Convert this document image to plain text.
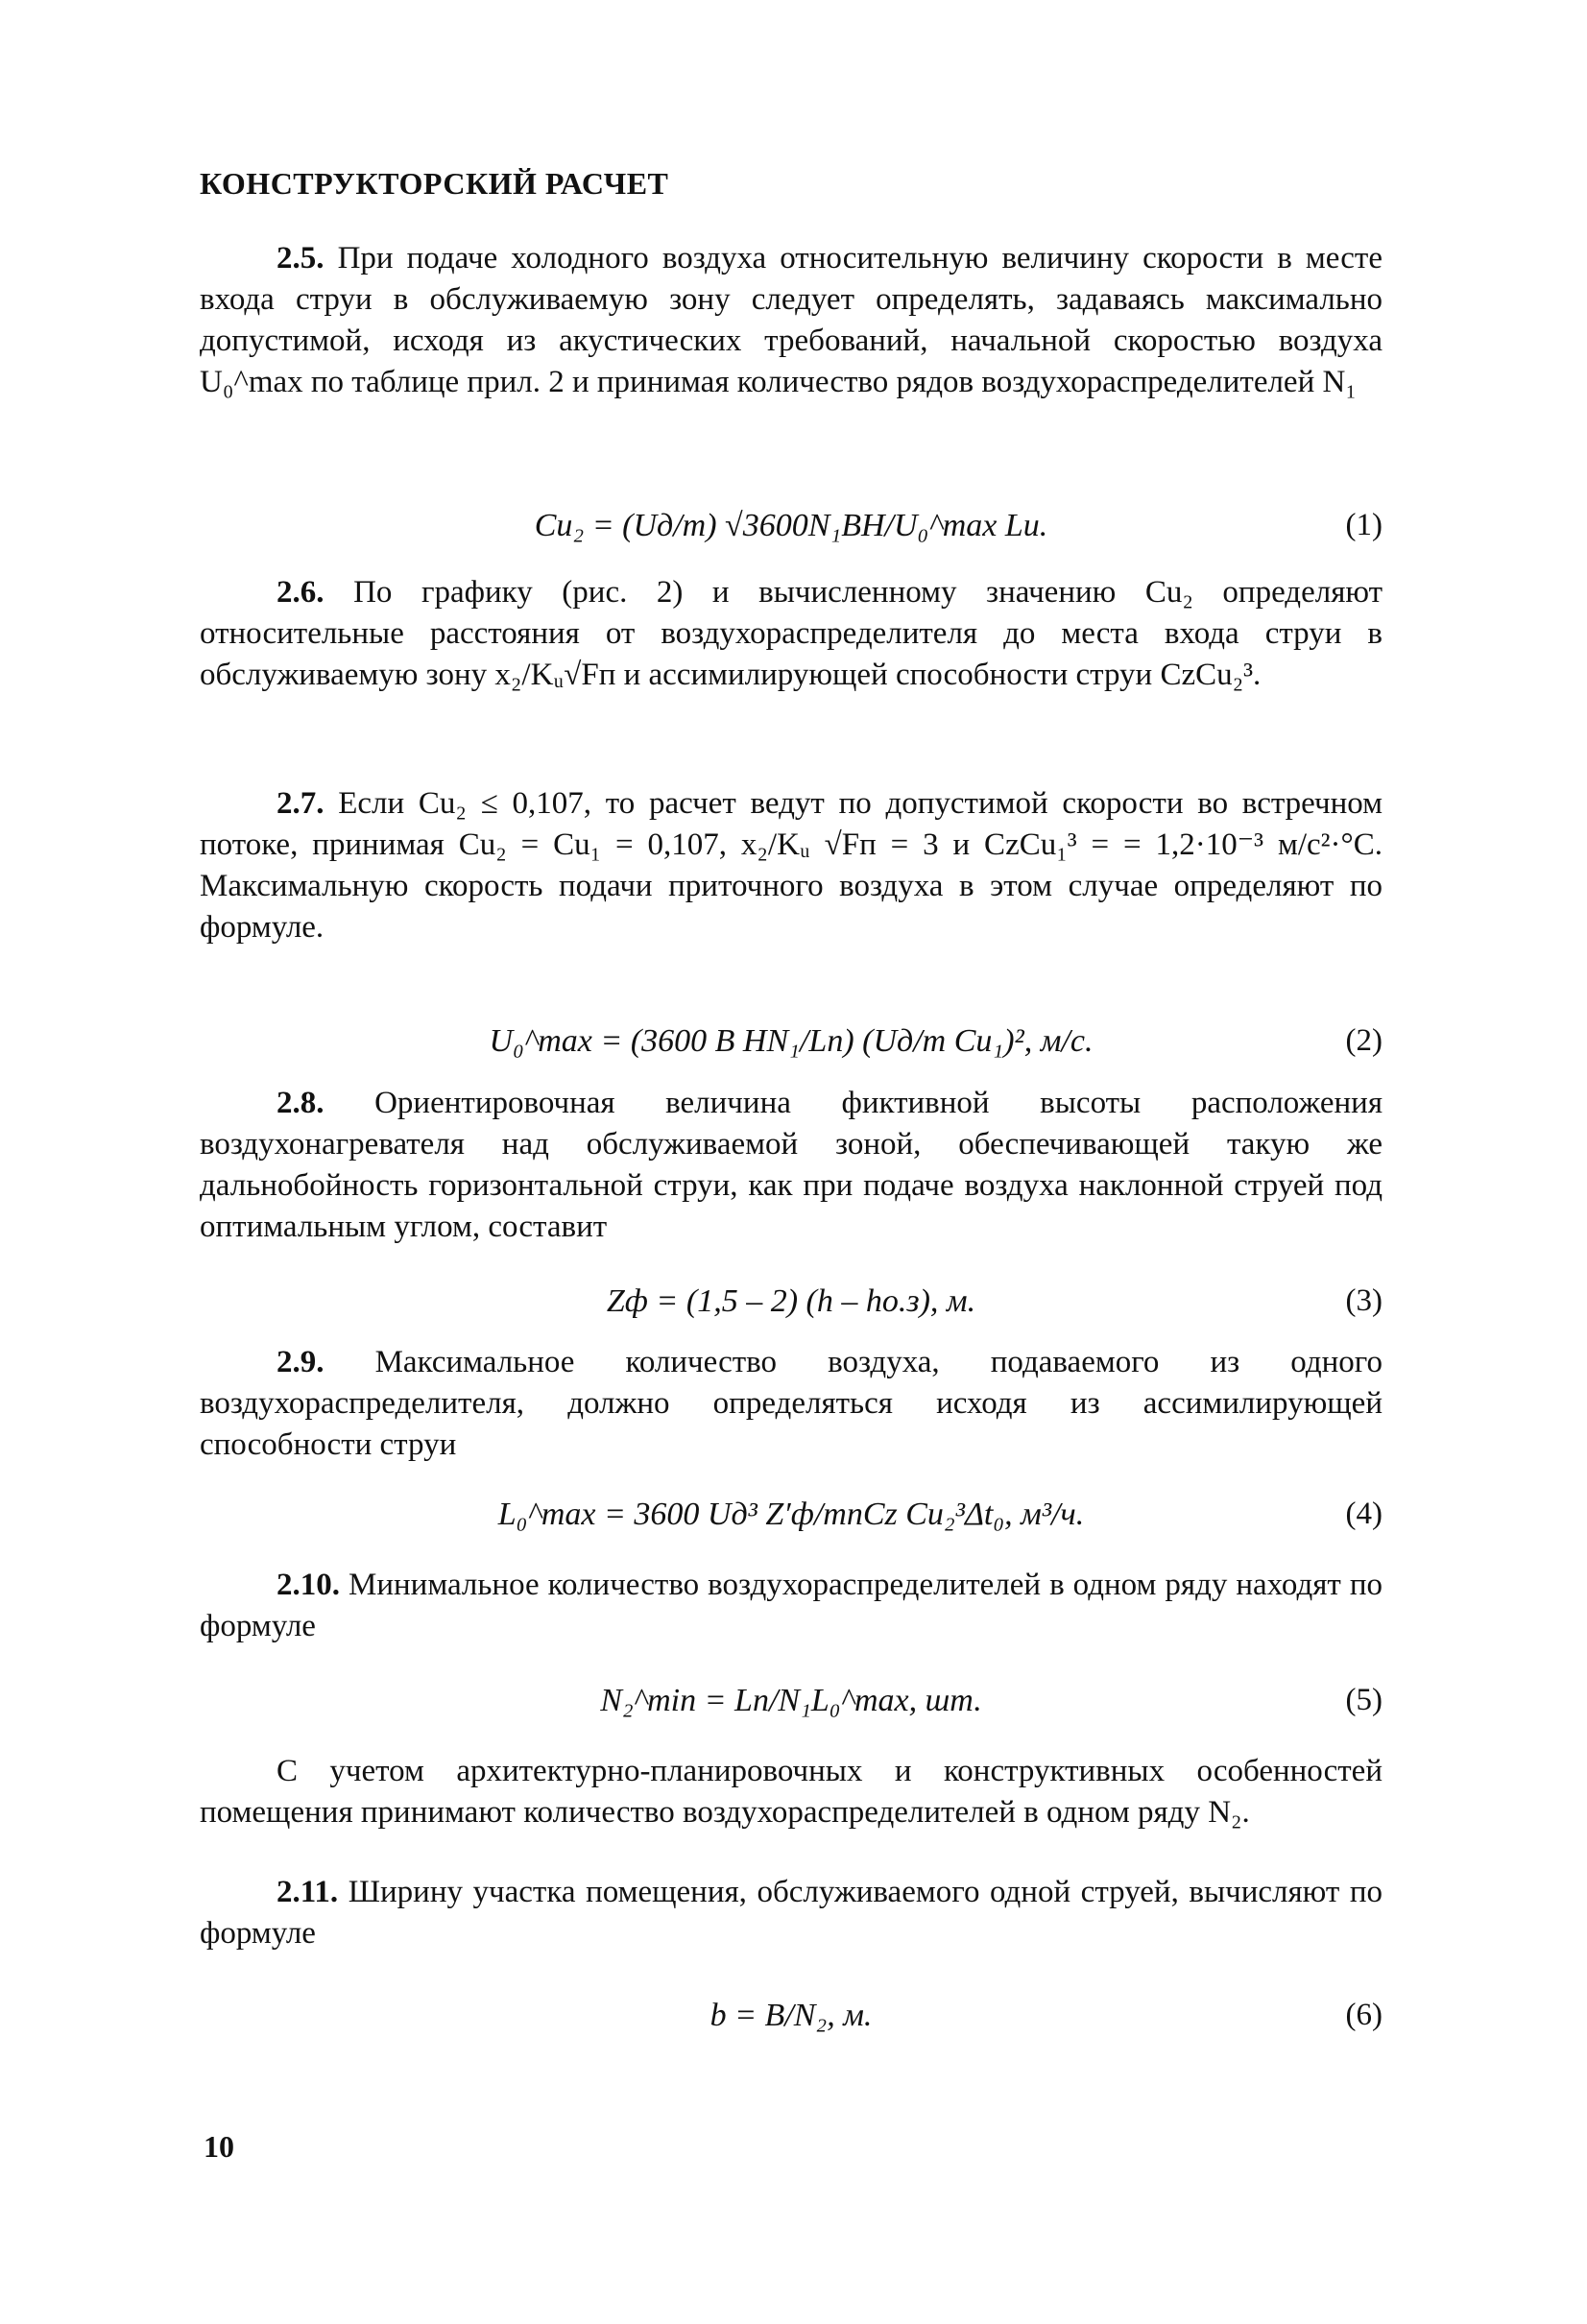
КОНСТРУКТОРСКИЙ РАСЧЕТ
2.5. При подаче холодного воздуха относительную величину скорости в месте входа струи в обслуживаемую зону следует определять, задаваясь максимально допустимой, исходя из акустических требований, начальной скоростью воздуха U₀^max по таблице прил. 2 и принимая количество рядов воздухораспределителей N₁
Cu₂ = (Uд/m) √3600N₁BH/U₀^max Lu.	(1)
2.6. По графику (рис. 2) и вычисленному значению Cu₂ определяют относительные расстояния от воздухораспределителя до места входа струи в обслуживаемую зону x₂/Kᵤ√Fп и ассимилирующей способности струи CzCu₂³.
2.7. Если Cu₂ ≤ 0,107, то расчет ведут по допустимой скорости во встречном потоке, принимая Cu₂ = Cu₁ = 0,107, x₂/Kᵤ √Fп = 3 и CzCu₁³ = = 1,2·10⁻³ м/с²·°С. Максимальную скорость подачи приточного воздуха в этом случае определяют по формуле.
U₀^max = (3600 B HN₁/Lп) (Uд/m Cu₁)², м/с.	(2)
2.8. Ориентировочная величина фиктивной высоты расположения воздухонагревателя над обслуживаемой зоной, обеспечивающей такую же дальнобойность горизонтальной струи, как при подаче воздуха наклонной струей под оптимальным углом, составит
Zф = (1,5 – 2) (h – hо.з), м.	(3)
2.9. Максимальное количество воздуха, подаваемого из одного воздухораспределителя, должно определяться исходя из ассимилирующей способности струи
L₀^max = 3600 Uд³ Z′ф/mnCz Cu₂³Δt₀, м³/ч.	(4)
2.10. Минимальное количество воздухораспределителей в одном ряду находят по формуле
N₂^min = Lп/N₁L₀^max, шт.	(5)
С учетом архитектурно-планировочных и конструктивных особенностей помещения принимают количество воздухораспределителей в одном ряду N₂.
2.11. Ширину участка помещения, обслуживаемого одной струей, вычисляют по формуле
b = B/N₂, м.	(6)
10
